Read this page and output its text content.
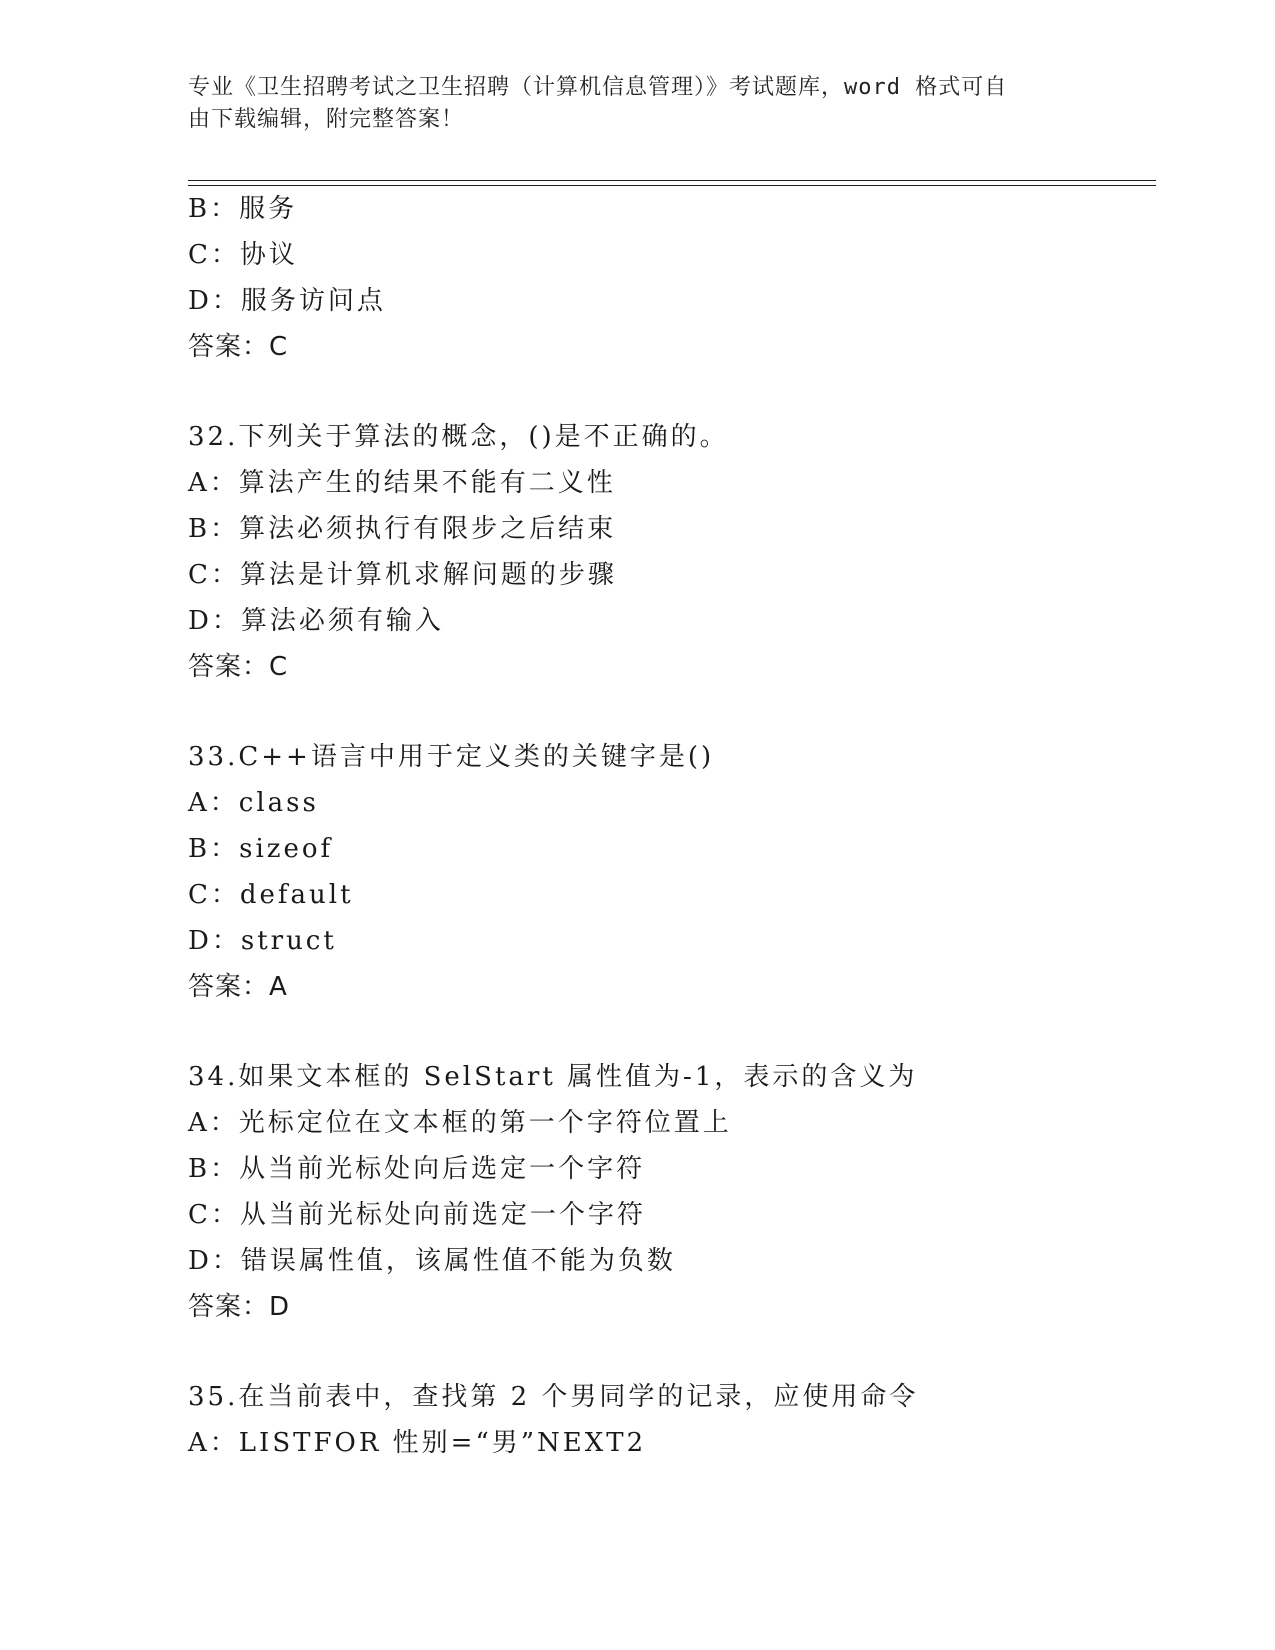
专业《卫生招聘考试之卫生招聘（计算机信息管理）》考试题库，word 格式可自
由下载编辑，附完整答案！
B：服务
C：协议
D：服务访问点
答案：C
32.下列关于算法的概念，()是不正确的。
A：算法产生的结果不能有二义性
B：算法必须执行有限步之后结束
C：算法是计算机求解问题的步骤
D：算法必须有输入
答案：C
33.C++语言中用于定义类的关键字是()
A：class
B：sizeof
C：default
D：struct
答案：A
34.如果文本框的 SelStart 属性值为-1，表示的含义为
A：光标定位在文本框的第一个字符位置上
B：从当前光标处向后选定一个字符
C：从当前光标处向前选定一个字符
D：错误属性值，该属性值不能为负数
答案：D
35.在当前表中，查找第 2 个男同学的记录，应使用命令
A：LISTFOR 性别=“男”NEXT2
